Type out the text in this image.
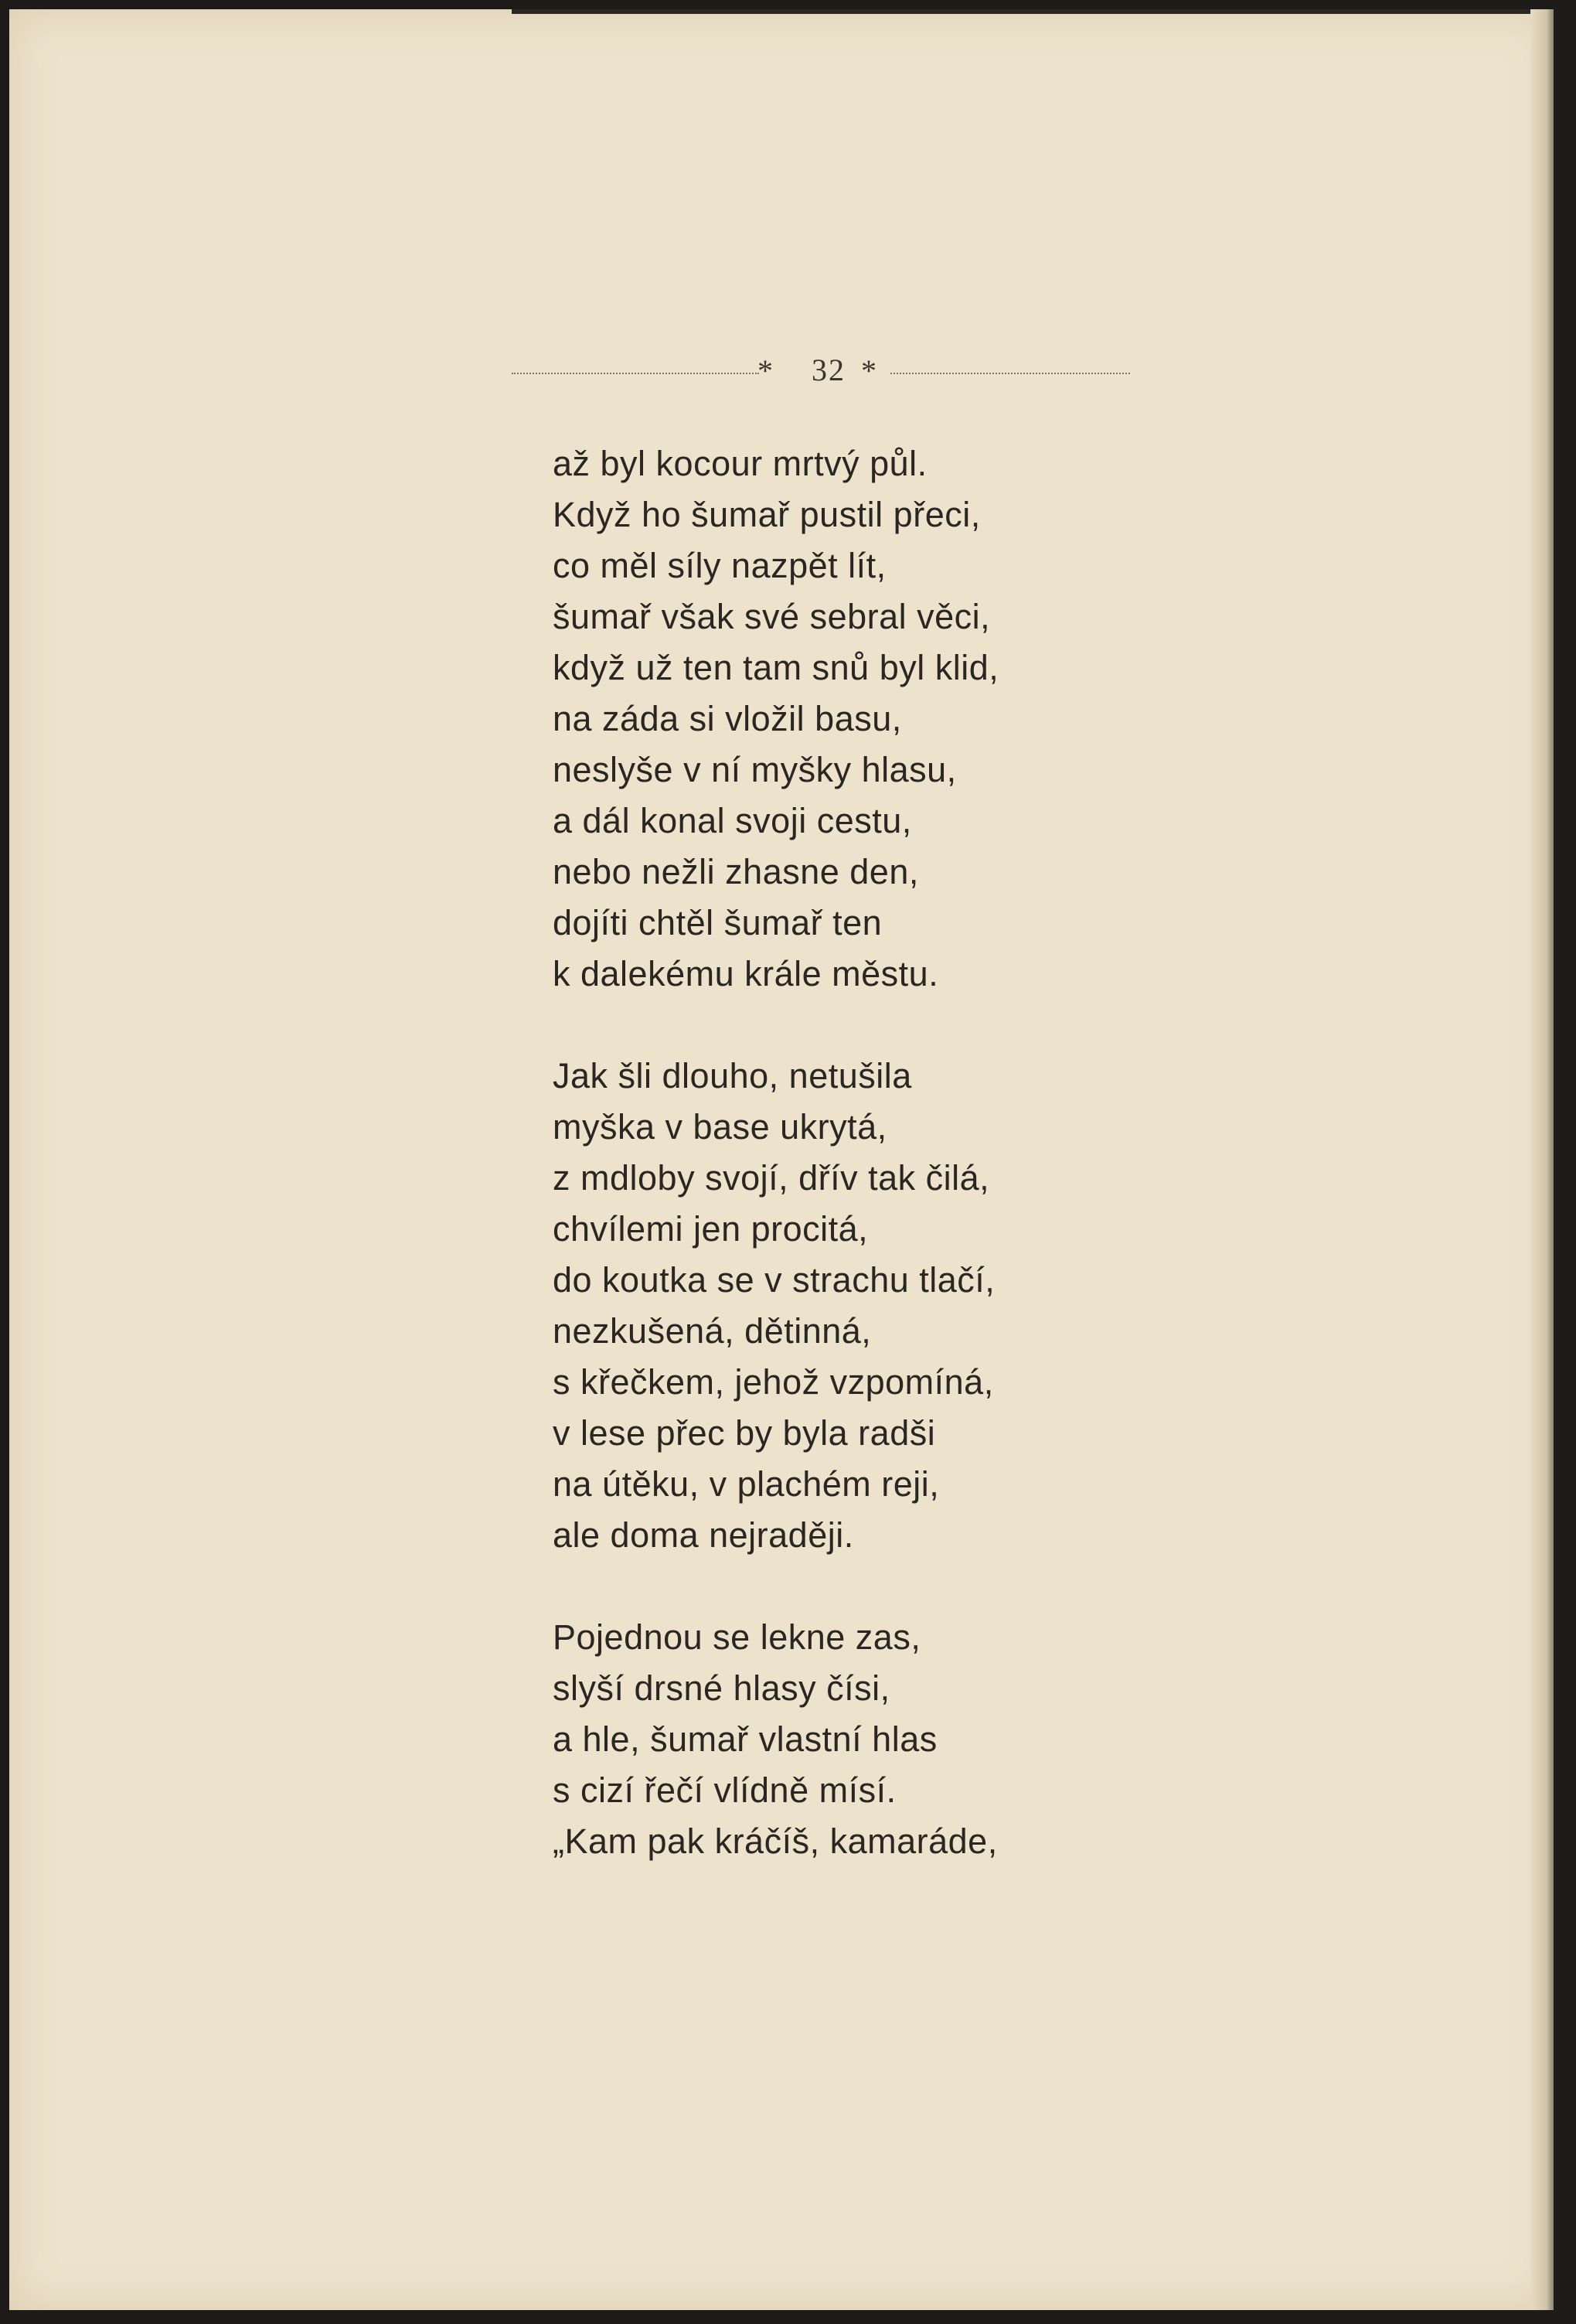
*	32 *
až byl kocour mrtvý půl.
Když ho šumař pustil přeci,
co měl síly nazpět lít,
šumař však své sebral věci,
když už ten tam snů byl klid,
na záda si vložil basu,
neslyše v ní myšky hlasu,
a dál konal svoji cestu,
nebo nežli zhasne den,
dojíti chtěl šumař ten
k dalekému krále městu.
Jak šli dlouho, netušila
myška v base ukrytá,
z mdloby svojí, dřív tak čilá,
chvílemi jen procitá,
do koutka se v strachu tlačí,
nezkušená, dětinná,
s křečkem, jehož vzpomíná,
v lese přec by byla radši
na útěku, v plachém reji,
ale doma nejraději.
Pojednou se lekne zas,
slyší drsné hlasy čísi,
a hle, šumař vlastní hlas
s cizí řečí vlídně mísí.
„Kam pak kráčíš, kamaráde,
